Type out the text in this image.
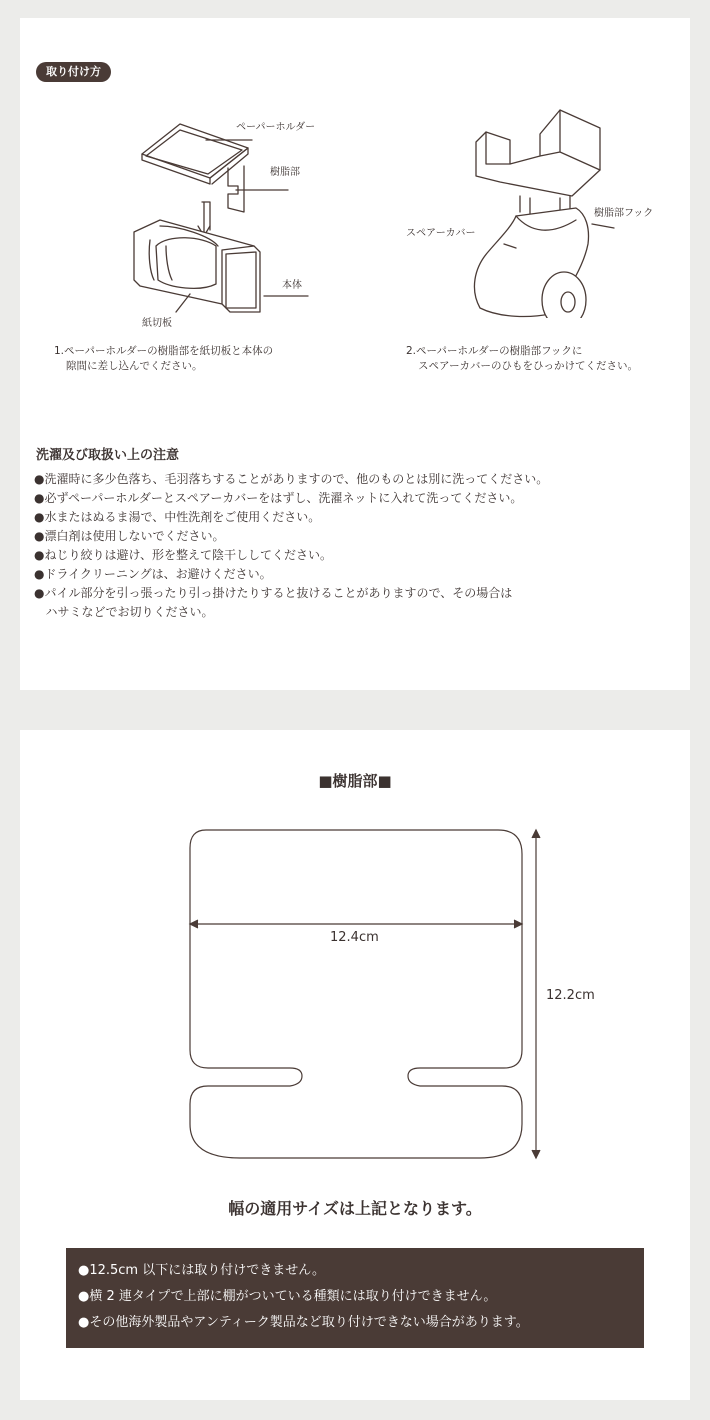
取り付け方
ペーパーホルダー
樹脂部
本体
紙切板
1.ペーパーホルダーの樹脂部を紙切板と本体の
隙間に差し込んでください。
樹脂部フック
スペアーカバー
2.ペーパーホルダーの樹脂部フックに
スペアーカバーのひもをひっかけてください。
洗濯及び取扱い上の注意
●洗濯時に多少色落ち、毛羽落ちすることがありますので、他のものとは別に洗ってください。
●必ずペーパーホルダーとスペアーカバーをはずし、洗濯ネットに入れて洗ってください。
●水またはぬるま湯で、中性洗剤をご使用ください。
●漂白剤は使用しないでください。
●ねじり絞りは避け、形を整えて陰干ししてください。
●ドライクリーニングは、お避けください。
●パイル部分を引っ張ったり引っ掛けたりすると抜けることがありますので、その場合は
ハサミなどでお切りください。
■樹脂部■
12.4cm
12.2cm
幅の適用サイズは上記となります。
●12.5cm 以下には取り付けできません。
●横 2 連タイプで上部に棚がついている種類には取り付けできません。
●その他海外製品やアンティーク製品など取り付けできない場合があります。
